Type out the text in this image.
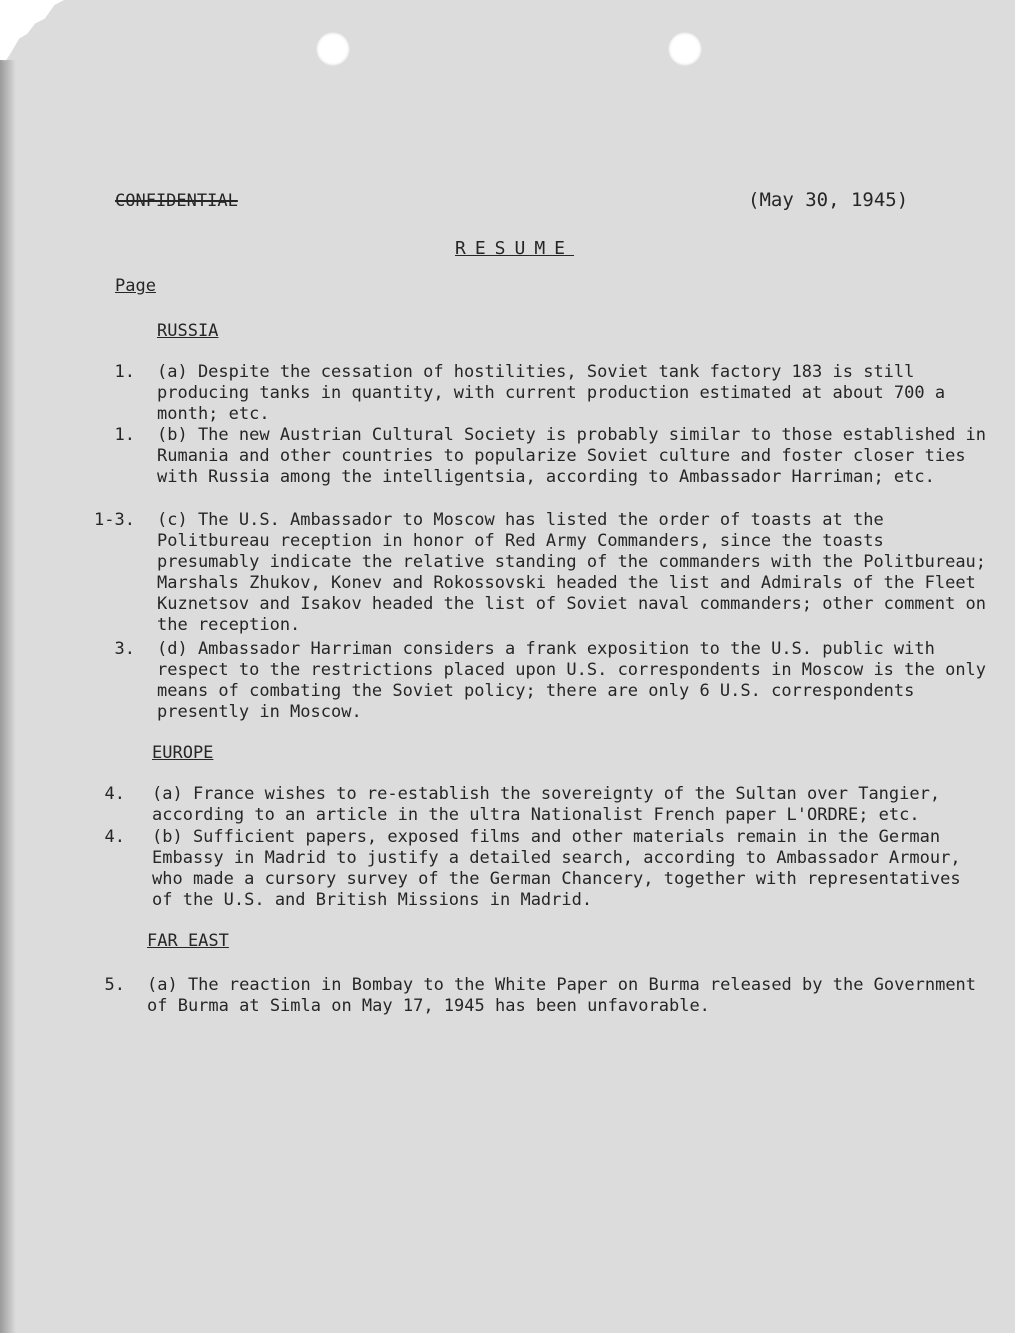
CONFIDENTIAL	(May 30, 1945)
RESUME
Page
RUSSIA
1. (a) Despite the cessation of hostilities, Soviet tank factory 183 is still producing tanks in quantity, with current production estimated at about 700 a month; etc.
1. (b) The new Austrian Cultural Society is probably similar to those established in Rumania and other countries to popularize Soviet culture and foster closer ties with Russia among the intelligentsia, according to Ambassador Harriman; etc.
1-3. (c) The U.S. Ambassador to Moscow has listed the order of toasts at the Politbureau reception in honor of Red Army Commanders, since the toasts presumably indicate the relative standing of the commanders with the Politbureau; Marshals Zhukov, Konev and Rokossovski headed the list and Admirals of the Fleet Kuznetsov and Isakov headed the list of Soviet naval commanders; other comment on the reception.
3. (d) Ambassador Harriman considers a frank exposition to the U.S. public with respect to the restrictions placed upon U.S. correspondents in Moscow is the only means of combating the Soviet policy; there are only 6 U.S. correspondents presently in Moscow.
EUROPE
4. (a) France wishes to re-establish the sovereignty of the Sultan over Tangier, according to an article in the ultra Nationalist French paper L'ORDRE; etc.
4. (b) Sufficient papers, exposed films and other materials remain in the German Embassy in Madrid to justify a detailed search, according to Ambassador Armour, who made a cursory survey of the German Chancery, together with representatives of the U.S. and British Missions in Madrid.
FAR EAST
5. (a) The reaction in Bombay to the White Paper on Burma released by the Government of Burma at Simla on May 17, 1945 has been unfavorable.
